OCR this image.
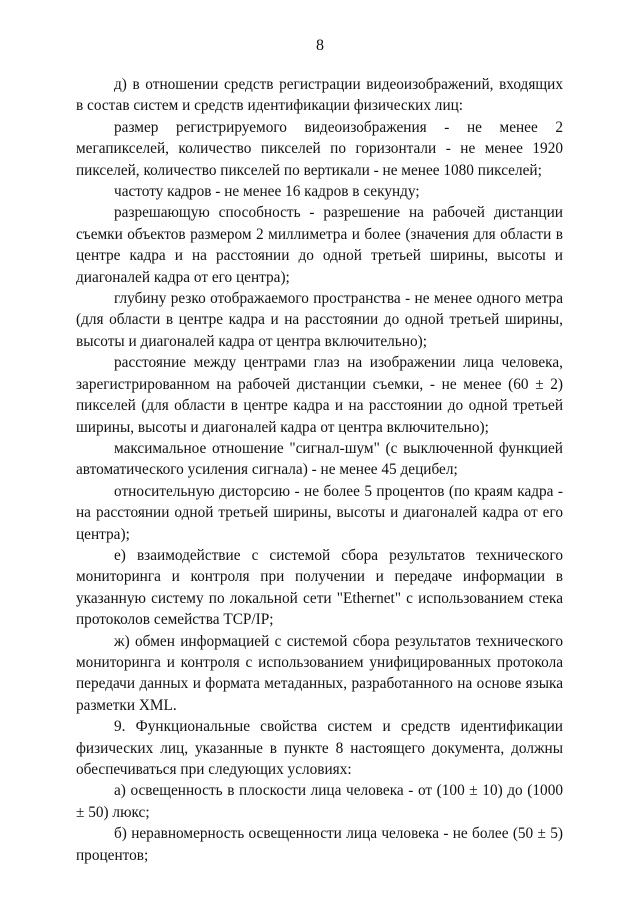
8

д) в отношении средств регистрации видеоизображений, входящих в состав систем и средств идентификации физических лиц:

размер регистрируемого видеоизображения - не менее 2 мегапикселей, количество пикселей по горизонтали - не менее 1920 пикселей, количество пикселей по вертикали - не менее 1080 пикселей;

частоту кадров - не менее 16 кадров в секунду;

разрешающую способность - разрешение на рабочей дистанции съемки объектов размером 2 миллиметра и более (значения для области в центре кадра и на расстоянии до одной третьей ширины, высоты и диагоналей кадра от его центра);

глубину резко отображаемого пространства - не менее одного метра (для области в центре кадра и на расстоянии до одной третьей ширины, высоты и диагоналей кадра от центра включительно);

расстояние между центрами глаз на изображении лица человека, зарегистрированном на рабочей дистанции съемки, - не менее (60 ± 2) пикселей (для области в центре кадра и на расстоянии до одной третьей ширины, высоты и диагоналей кадра от центра включительно);

максимальное отношение "сигнал-шум" (с выключенной функцией автоматического усиления сигнала) - не менее 45 децибел;

относительную дисторсию - не более 5 процентов (по краям кадра - на расстоянии одной третьей ширины, высоты и диагоналей кадра от его центра);

е) взаимодействие с системой сбора результатов технического мониторинга и контроля при получении и передаче информации в указанную систему по локальной сети "Ethernet" с использованием стека протоколов семейства TCP/IP;

ж) обмен информацией с системой сбора результатов технического мониторинга и контроля с использованием унифицированных протокола передачи данных и формата метаданных, разработанного на основе языка разметки XML.

9. Функциональные свойства систем и средств идентификации физических лиц, указанные в пункте 8 настоящего документа, должны обеспечиваться при следующих условиях:

а) освещенность в плоскости лица человека - от (100 ± 10) до (1000 ± 50) люкс;

б) неравномерность освещенности лица человека - не более (50 ± 5) процентов;
